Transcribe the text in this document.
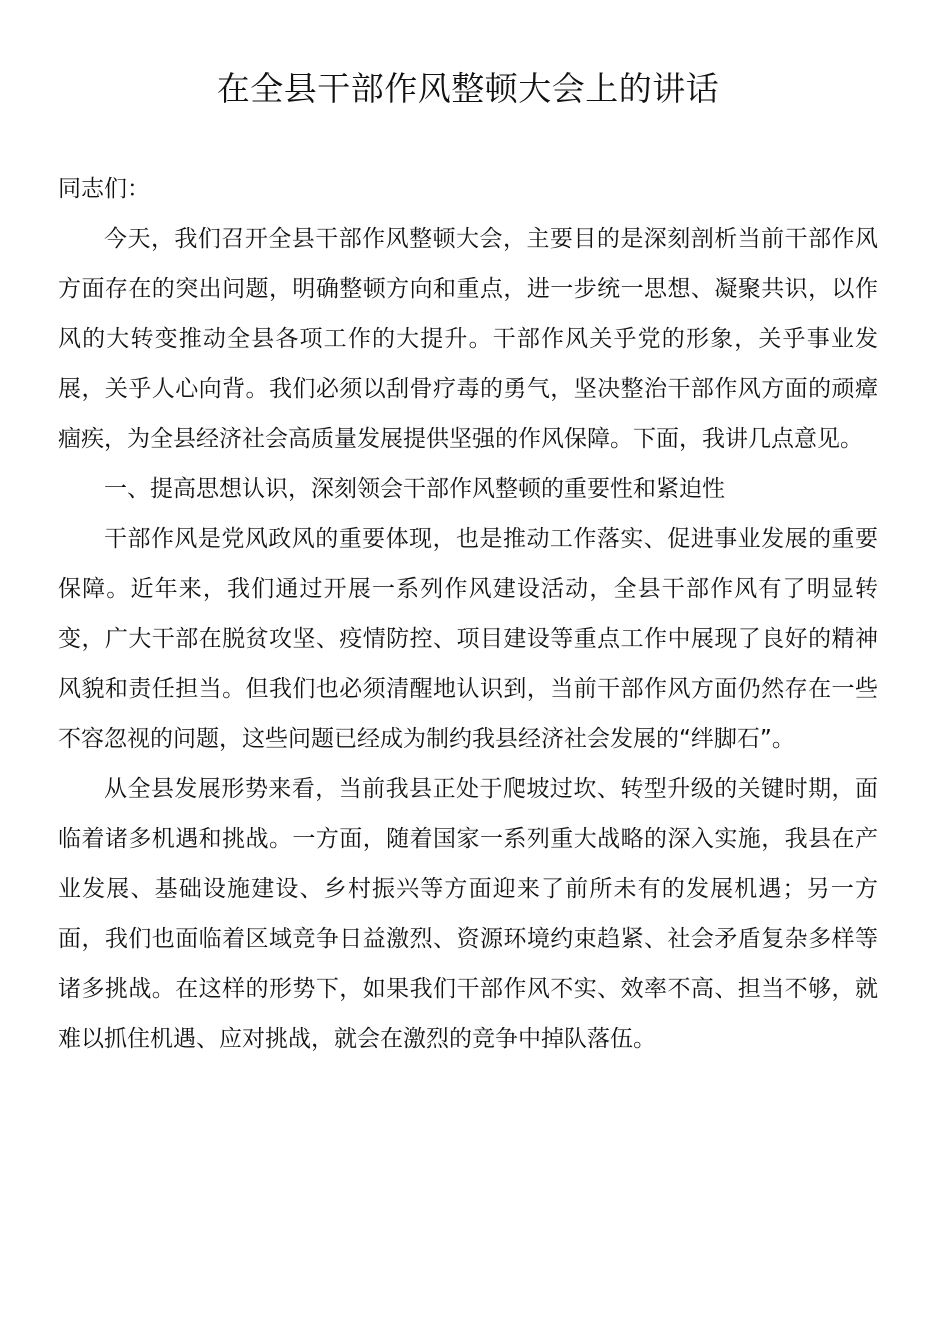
在全县干部作风整顿大会上的讲话

同志们：

今天，我们召开全县干部作风整顿大会，主要目的是深刻剖析当前干部作风方面存在的突出问题，明确整顿方向和重点，进一步统一思想、凝聚共识，以作风的大转变推动全县各项工作的大提升。干部作风关乎党的形象，关乎事业发展，关乎人心向背。我们必须以刮骨疗毒的勇气，坚决整治干部作风方面的顽瘴痼疾，为全县经济社会高质量发展提供坚强的作风保障。下面，我讲几点意见。

一、提高思想认识，深刻领会干部作风整顿的重要性和紧迫性

干部作风是党风政风的重要体现，也是推动工作落实、促进事业发展的重要保障。近年来，我们通过开展一系列作风建设活动，全县干部作风有了明显转变，广大干部在脱贫攻坚、疫情防控、项目建设等重点工作中展现了良好的精神风貌和责任担当。但我们也必须清醒地认识到，当前干部作风方面仍然存在一些不容忽视的问题，这些问题已经成为制约我县经济社会发展的“绊脚石”。

从全县发展形势来看，当前我县正处于爬坡过坎、转型升级的关键时期，面临着诸多机遇和挑战。一方面，随着国家一系列重大战略的深入实施，我县在产业发展、基础设施建设、乡村振兴等方面迎来了前所未有的发展机遇；另一方面，我们也面临着区域竞争日益激烈、资源环境约束趋紧、社会矛盾复杂多样等诸多挑战。在这样的形势下，如果我们干部作风不实、效率不高、担当不够，就难以抓住机遇、应对挑战，就会在激烈的竞争中掉队落伍。
